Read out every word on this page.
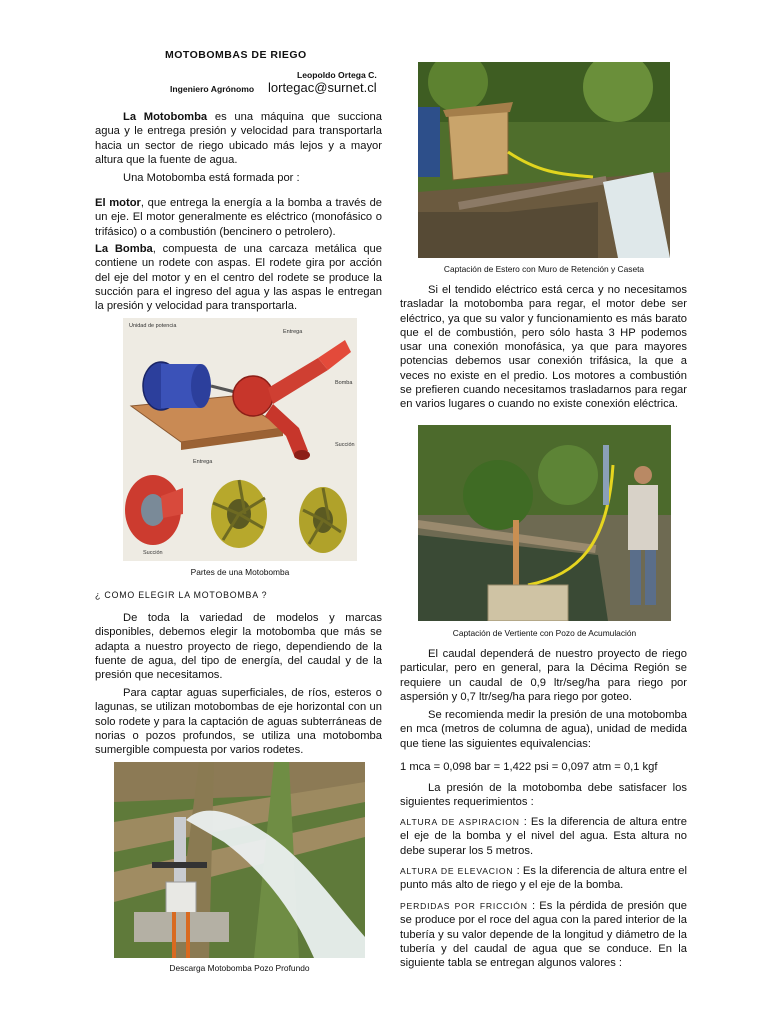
MOTOBOMBAS DE RIEGO
Leopoldo Ortega C.
Ingeniero Agrónomo lortegac@surnet.cl

La Motobomba es una máquina que succiona agua y le entrega presión y velocidad para transportarla hacia un sector de riego ubicado más lejos y a mayor altura que la fuente de agua.

Una Motobomba está formada por :

El motor, que entrega la energía a la bomba a través de un eje. El motor generalmente es eléctrico (monofásico o trifásico) o a combustión (bencinero o petrolero).

La Bomba, compuesta de una carcaza metálica que contiene un rodete con aspas. El rodete gira por acción del eje del motor y en el centro del rodete se produce la succión para el ingreso del agua y las aspas le entregan la presión y velocidad para transportarla.

Unidad de potencia
Entrega
Bomba
Succión
Entrega
Succión
Partes de una Motobomba
¿ COMO ELEGIR LA MOTOBOMBA ?

De toda la variedad de modelos y marcas disponibles, debemos elegir la motobomba que más se adapta a nuestro proyecto de riego, dependiendo de la fuente de agua, del tipo de energía, del caudal y de la presión que necesitamos.

Para captar aguas superficiales, de ríos, esteros o lagunas, se utilizan motobombas de eje horizontal con un solo rodete y para la captación de aguas subterráneas de norias o pozos profundos, se utiliza una motobomba sumergible compuesta por varios rodetes.

Descarga Motobomba Pozo Profundo
Captación de Estero con Muro de Retención y Caseta

Si el tendido eléctrico está cerca y no necesitamos trasladar la motobomba para regar, el motor debe ser eléctrico, ya que su valor y funcionamiento es más barato que el de combustión, pero sólo hasta 3 HP podemos usar una conexión monofásica, ya que para mayores potencias debemos usar conexión trifásica, la que a veces no existe en el predio. Los motores a combustión se prefieren cuando necesitamos trasladarnos para regar en varios lugares o cuando no existe conexión eléctrica.

Captación de Vertiente con Pozo de Acumulación

El caudal dependerá de nuestro proyecto de riego particular, pero en general, para la Décima Región se requiere un caudal de 0,9 ltr/seg/ha para riego por aspersión y 0,7 ltr/seg/ha para riego por goteo.

Se recomienda medir la presión de una motobomba en mca (metros de columna de agua), unidad de medida que tiene las siguientes equivalencias:

1 mca = 0,098 bar = 1,422 psi = 0,097 atm = 0,1 kgf

La presión de la motobomba debe satisfacer los siguientes requerimientos :

ALTURA DE ASPIRACION : Es la diferencia de altura entre el eje de la bomba y el nivel del agua. Esta altura no debe superar los 5 metros.

ALTURA DE ELEVACION : Es la diferencia de altura entre el punto más alto de riego y el eje de la bomba.

PERDIDAS POR FRICCIÓN : Es la pérdida de presión que se produce por el roce del agua con la pared interior de la tubería y su valor depende de la longitud y diámetro de la tubería y del caudal de agua que se conduce. En la siguiente tabla se entregan algunos valores :
